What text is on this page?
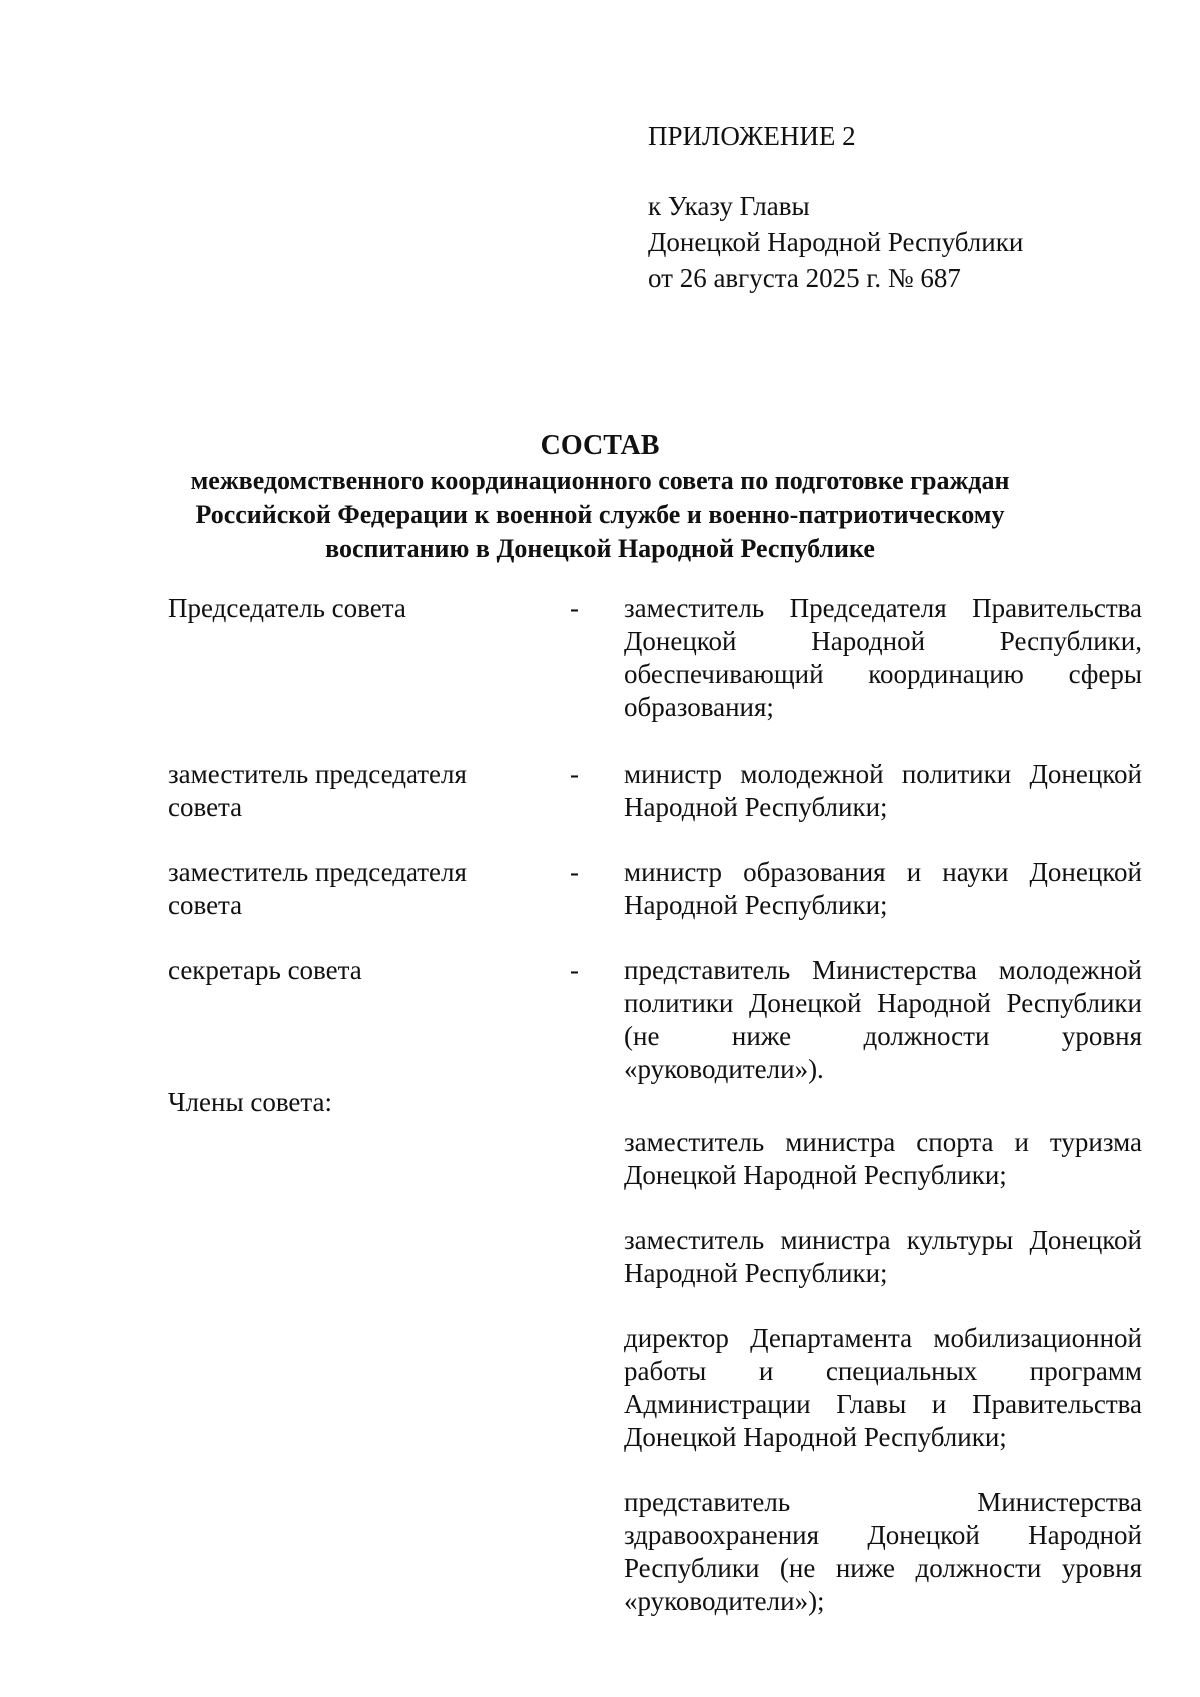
ПРИЛОЖЕНИЕ 2
к Указу Главы
Донецкой Народной Республики
от 26 августа 2025 г. № 687
СОСТАВ
межведомственного координационного совета по подготовке граждан
Российской Федерации к военной службе и военно-патриотическому
воспитанию в Донецкой Народной Республике
Председатель совета	- заместитель Председателя Правительства Донецкой Народной Республики, обеспечивающий координацию сферы образования;
заместитель председателя совета
- министр молодежной политики Донецкой Народной Республики;
заместитель председателя совета
- министр образования и науки Донецкой Народной Республики;
секретарь совета	- представитель Министерства молодежной политики Донецкой Народной Республики (не ниже должности уровня «руководители»).
Члены совета:
заместитель министра спорта и туризма Донецкой Народной Республики;
заместитель министра культуры Донецкой Народной Республики;
директор Департамента мобилизационной работы и специальных программ Администрации Главы и Правительства Донецкой Народной Республики;
представитель Министерства здравоохранения Донецкой Народной Республики (не ниже должности уровня «руководители»);
